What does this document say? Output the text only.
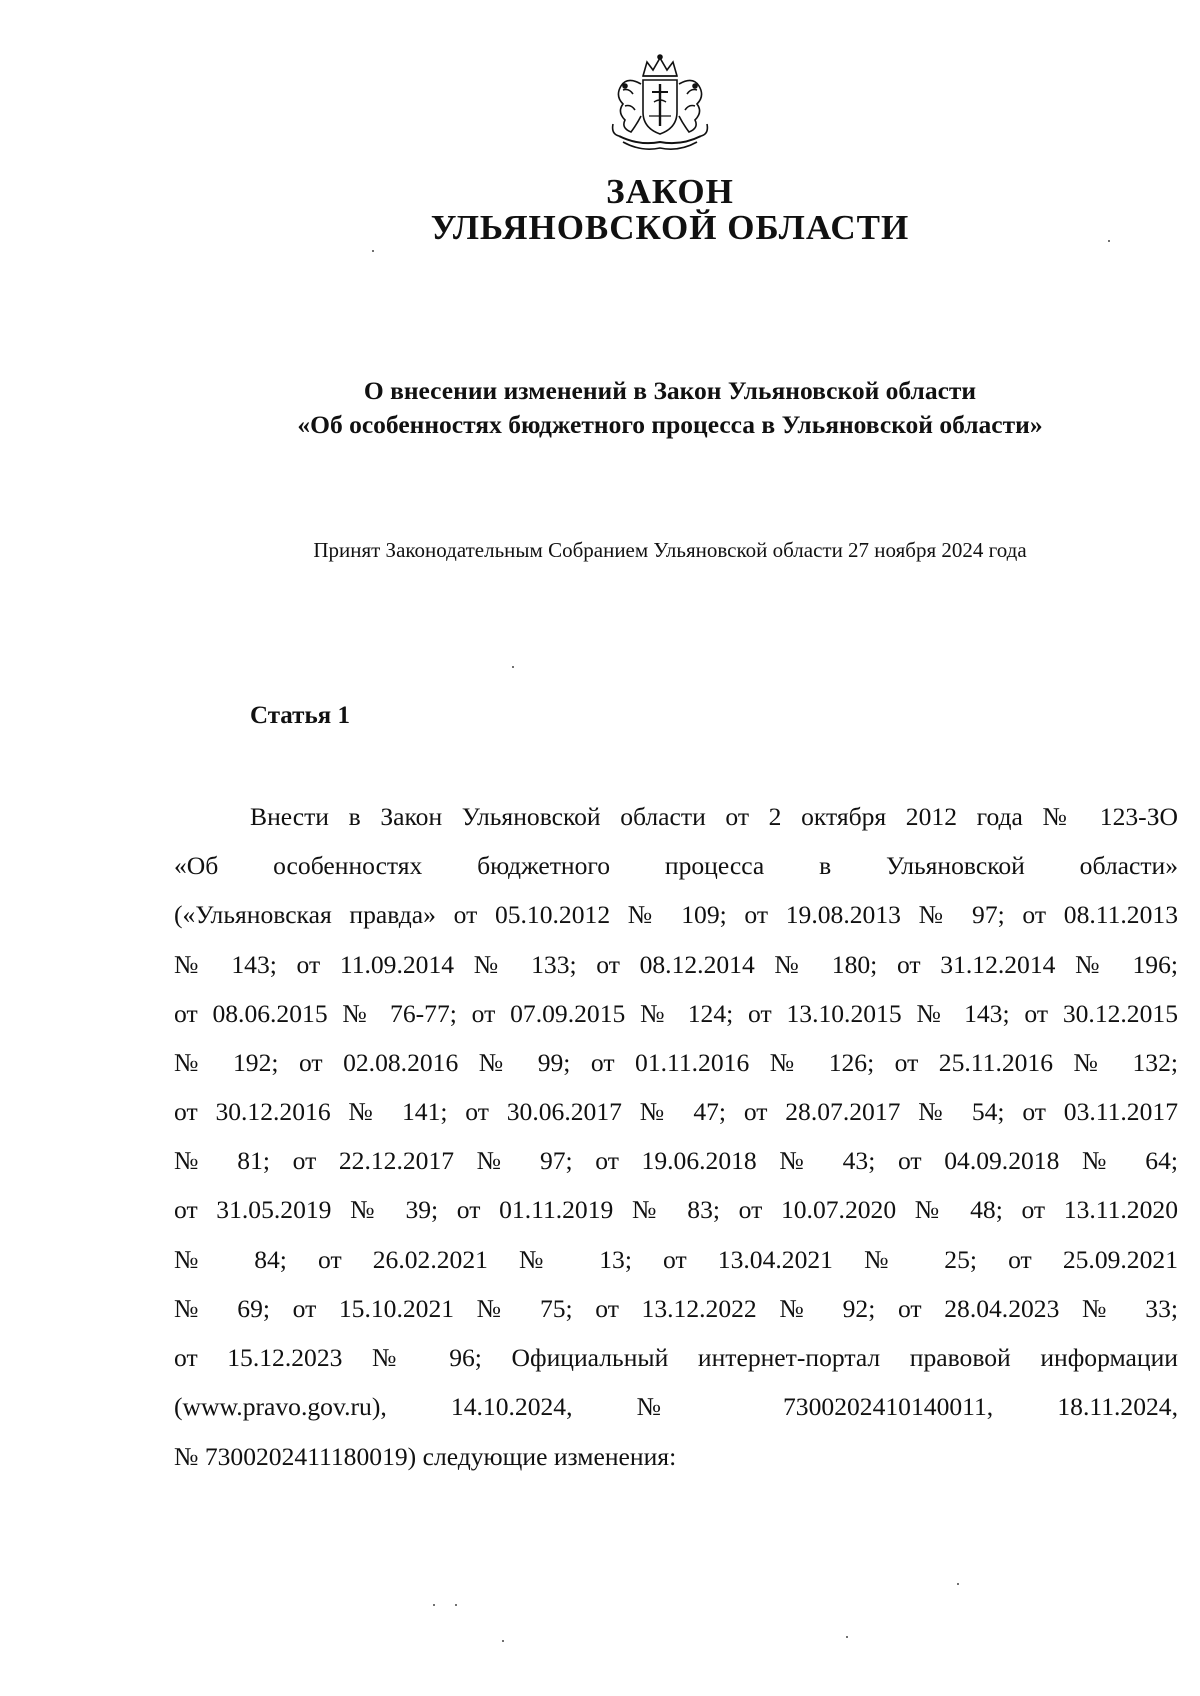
ЗАКОН
УЛЬЯНОВСКОЙ ОБЛАСТИ

О внесении изменений в Закон Ульяновской области

«Об особенностях бюджетного процесса в Ульяновской области»

Принят Законодательным Собранием Ульяновской области 27 ноября 2024 года

Статья 1

Внести в Закон Ульяновской области от 2 октября 2012 года № 123-ЗО

«Об особенностях бюджетного процесса в Ульяновской области»

(«Ульяновская правда» от 05.10.2012 № 109; от 19.08.2013 № 97; от 08.11.2013

№ 143; от 11.09.2014 № 133; от 08.12.2014 № 180; от 31.12.2014 № 196;

от 08.06.2015 № 76-77; от 07.09.2015 № 124; от 13.10.2015 № 143; от 30.12.2015

№ 192; от 02.08.2016 № 99; от 01.11.2016 № 126; от 25.11.2016 № 132;

от 30.12.2016 № 141; от 30.06.2017 № 47; от 28.07.2017 № 54; от 03.11.2017

№ 81; от 22.12.2017 № 97; от 19.06.2018 № 43; от 04.09.2018 № 64;

от 31.05.2019 № 39; от 01.11.2019 № 83; от 10.07.2020 № 48; от 13.11.2020

№ 84; от 26.02.2021 № 13; от 13.04.2021 № 25; от 25.09.2021

№ 69; от 15.10.2021 № 75; от 13.12.2022 № 92; от 28.04.2023 № 33;

от 15.12.2023 № 96; Официальный интернет-портал правовой информации

(www.pravo.gov.ru), 14.10.2024, № 7300202410140011, 18.11.2024,

№ 7300202411180019) следующие изменения:
